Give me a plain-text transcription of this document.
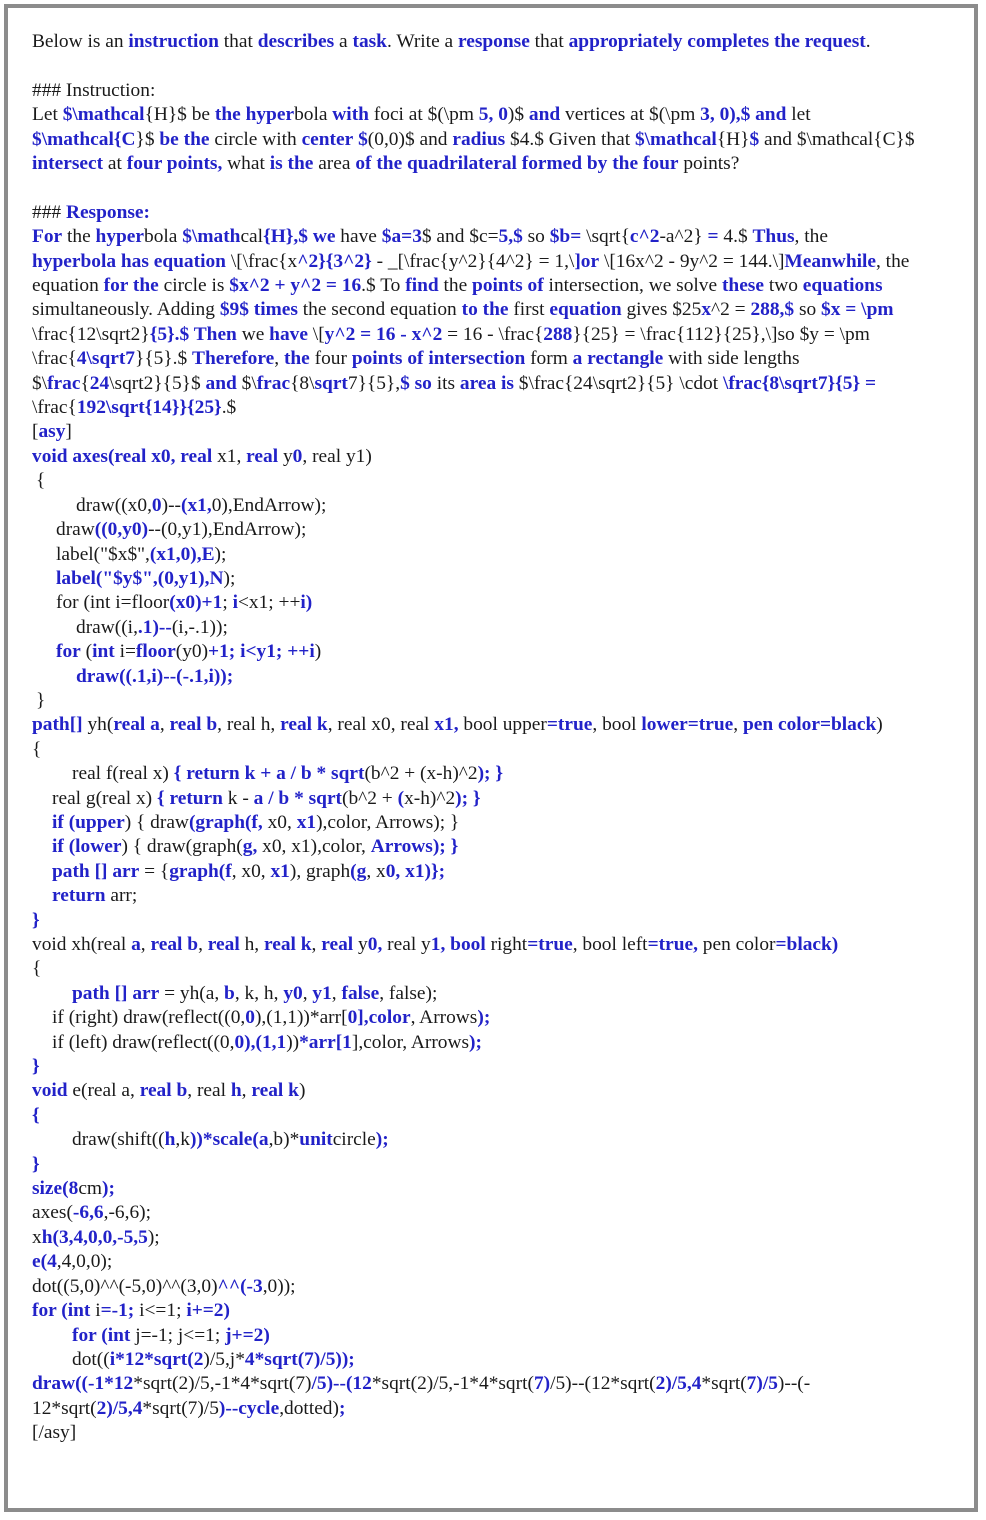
Below is an instruction that describes a task. Write a response that appropriately completes the request.
### Instruction:
Let $\mathcal{H}$ be the hyperbola with foci at $(\pm 5, 0)$ and vertices at $(\pm 3, 0),$ and let
$\mathcal{C}$ be the circle with center $(0,0)$ and radius $4.$ Given that $\mathcal{H}$ and $\mathcal{C}$
intersect at four points, what is the area of the quadrilateral formed by the four points?
### Response:
For the hyperbola $\mathcal{H},$ we have $a=3$ and $c=5,$ so $b= \sqrt{c^2-a^2} = 4.$ Thus, the
hyperbola has equation \[\frac{x^2}{3^2} - _[\frac{y^2}{4^2} = 1,\]or \[16x^2 - 9y^2 = 144.\]Meanwhile, the
equation for the circle is $x^2 + y^2 = 16.$ To find the points of intersection, we solve these two equations
simultaneously. Adding $9$ times the second equation to the first equation gives $25x^2 = 288,$ so $x = \pm
\frac{12\sqrt2}{5}.$ Then we have \[y^2 = 16 - x^2 = 16 - \frac{288}{25} = \frac{112}{25},\]so $y = \pm
\frac{4\sqrt7}{5}.$ Therefore, the four points of intersection form a rectangle with side lengths
$\frac{24\sqrt2}{5}$ and $\frac{8\sqrt7}{5},$ so its area is $\frac{24\sqrt2}{5} \cdot \frac{8\sqrt7}{5} =
\frac{192\sqrt{14}}{25}.$
[asy]
void axes(real x0, real x1, real y0, real y1)
{
draw((x0,0)--(x1,0),EndArrow);
draw((0,y0)--(0,y1),EndArrow);
label("$x$",(x1,0),E);
label("$y$",(0,y1),N);
for (int i=floor(x0)+1; i<x1; ++i)
draw((i,.1)--(i,-.1));
for (int i=floor(y0)+1; i<y1; ++i)
draw((.1,i)--(-.1,i));
}
path[] yh(real a, real b, real h, real k, real x0, real x1, bool upper=true, bool lower=true, pen color=black)
{
real f(real x) { return k + a / b * sqrt(b^2 + (x-h)^2); }
real g(real x) { return k - a / b * sqrt(b^2 + (x-h)^2); }
if (upper) { draw(graph(f, x0, x1),color, Arrows); }
if (lower) { draw(graph(g, x0, x1),color, Arrows); }
path [] arr = {graph(f, x0, x1), graph(g, x0, x1)};
return arr;
}
void xh(real a, real b, real h, real k, real y0, real y1, bool right=true, bool left=true, pen color=black)
{
path [] arr = yh(a, b, k, h, y0, y1, false, false);
if (right) draw(reflect((0,0),(1,1))*arr[0],color, Arrows);
if (left) draw(reflect((0,0),(1,1))*arr[1],color, Arrows);
}
void e(real a, real b, real h, real k)
{
draw(shift((h,k))*scale(a,b)*unitcircle);
}
size(8cm);
axes(-6,6,-6,6);
xh(3,4,0,0,-5,5);
e(4,4,0,0);
dot((5,0)^^(-5,0)^^(3,0)^^(-3,0));
for (int i=-1; i<=1; i+=2)
for (int j=-1; j<=1; j+=2)
dot((i*12*sqrt(2)/5,j*4*sqrt(7)/5));
draw((-1*12*sqrt(2)/5,-1*4*sqrt(7)/5)--(12*sqrt(2)/5,-1*4*sqrt(7)/5)--(12*sqrt(2)/5,4*sqrt(7)/5)--(-
12*sqrt(2)/5,4*sqrt(7)/5)--cycle,dotted);
[/asy]
